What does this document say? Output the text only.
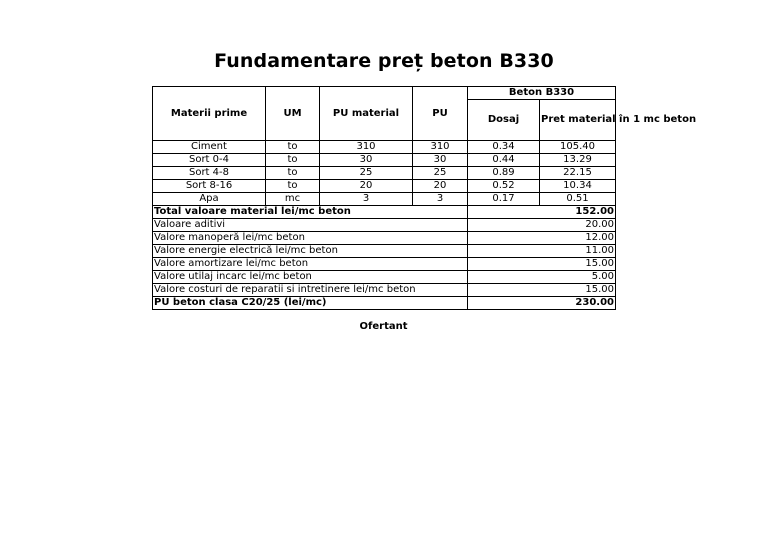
Fundamentare preț beton B330
Materii prime	UM	PU material	PU	Beton B330	
				Dosaj	Pret material în 1 mc beton
Ciment	to	310	310	0.34	105.40
Sort 0-4	to	30	30	0.44	13.29
Sort 4-8	to	25	25	0.89	22.15
Sort 8-16	to	20	20	0.52	10.34
Apa	mc	3	3	0.17	0.51
Total valoare material lei/mc beton				152.00	
Valoare aditivi				20.00	
Valore manoperă lei/mc beton				12.00	
Valore energie electrică lei/mc beton				11.00	
Valore amortizare lei/mc beton				15.00	
Valore utilaj incarc lei/mc beton				5.00	
Valore costuri de reparatii si intretinere lei/mc beton				15.00	
PU beton clasa C20/25 (lei/mc)				230.00	
Ofertant
